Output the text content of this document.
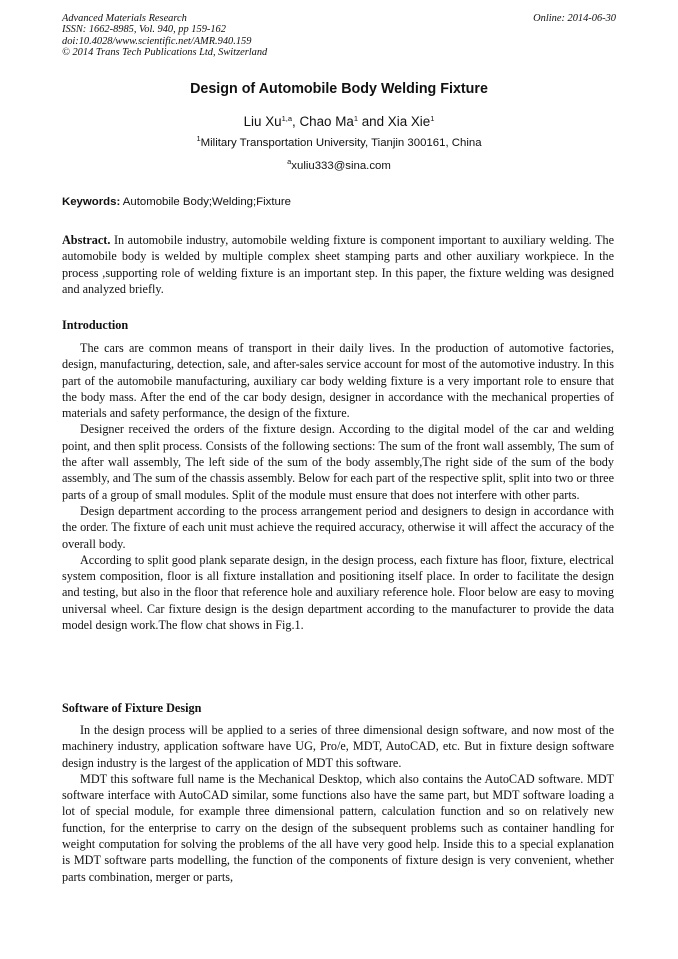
Advanced Materials Research
ISSN: 1662-8985, Vol. 940, pp 159-162
doi:10.4028/www.scientific.net/AMR.940.159
© 2014 Trans Tech Publications Ltd, Switzerland
Online: 2014-06-30
Design of Automobile Body Welding Fixture
Liu Xu$^{1,a}$, Chao Ma$^1$ and Xia Xie$^1$
$^1$Military Transportation University, Tianjin 300161, China
$^a$xuliu333@sina.com
Keywords: Automobile Body;Welding;Fixture

Abstract. In automobile industry, automobile welding fixture is component important to auxiliary welding. The automobile body is welded by multiple complex sheet stamping parts and other auxiliary workpiece. In the process ,supporting role of welding fixture is an important step. In this paper, the fixture welding was designed and analyzed briefly.

Introduction

The cars are common means of transport in their daily lives. In the production of automotive factories, design, manufacturing, detection, sale, and after-sales service account for most of the automotive industry. In this part of the automobile manufacturing, auxiliary car body welding fixture is a very important role to ensure that the body mass. After the end of the car body design, designer in accordance with the mechanical properties of materials and safety performance, the design of the fixture.

Designer received the orders of the fixture design. According to the digital model of the car and welding point, and then split process. Consists of the following sections: The sum of the front wall assembly, The sum of the after wall assembly, The left side of the sum of the body assembly,The right side of the sum of the body assembly, and The sum of the chassis assembly. Below for each part of the respective split, split into two or three parts of a group of small modules. Split of the module must ensure that does not interfere with other parts.

Design department according to the process arrangement period and designers to design in accordance with the order. The fixture of each unit must achieve the required accuracy, otherwise it will affect the accuracy of the overall body.

According to split good plank separate design, in the design process, each fixture has floor, fixture, electrical system composition, floor is all fixture installation and positioning itself place. In order to facilitate the design and testing, but also in the floor that reference hole and auxiliary reference hole. Floor below are easy to moving universal wheel. Car fixture design is the design department according to the manufacturer to provide the data model design work.The flow chat shows in Fig.1.

Software of Fixture Design

In the design process will be applied to a series of three dimensional design software, and now most of the machinery industry, application software have UG, Pro/e, MDT, AutoCAD, etc. But in fixture design software design industry is the largest of the application of MDT this software.

MDT this software full name is the Mechanical Desktop, which also contains the AutoCAD software. MDT software interface with AutoCAD similar, some functions also have the same part, but MDT software loading a lot of special module, for example three dimensional pattern, calculation function and so on relatively new function, for the enterprise to carry on the design of the subsequent problems such as container handling for weight computation for solving the problems of the all have very good help. Inside this to a special explanation is MDT software parts modelling, the function of the components of fixture design is very convenient, whether parts combination, merger or parts,
